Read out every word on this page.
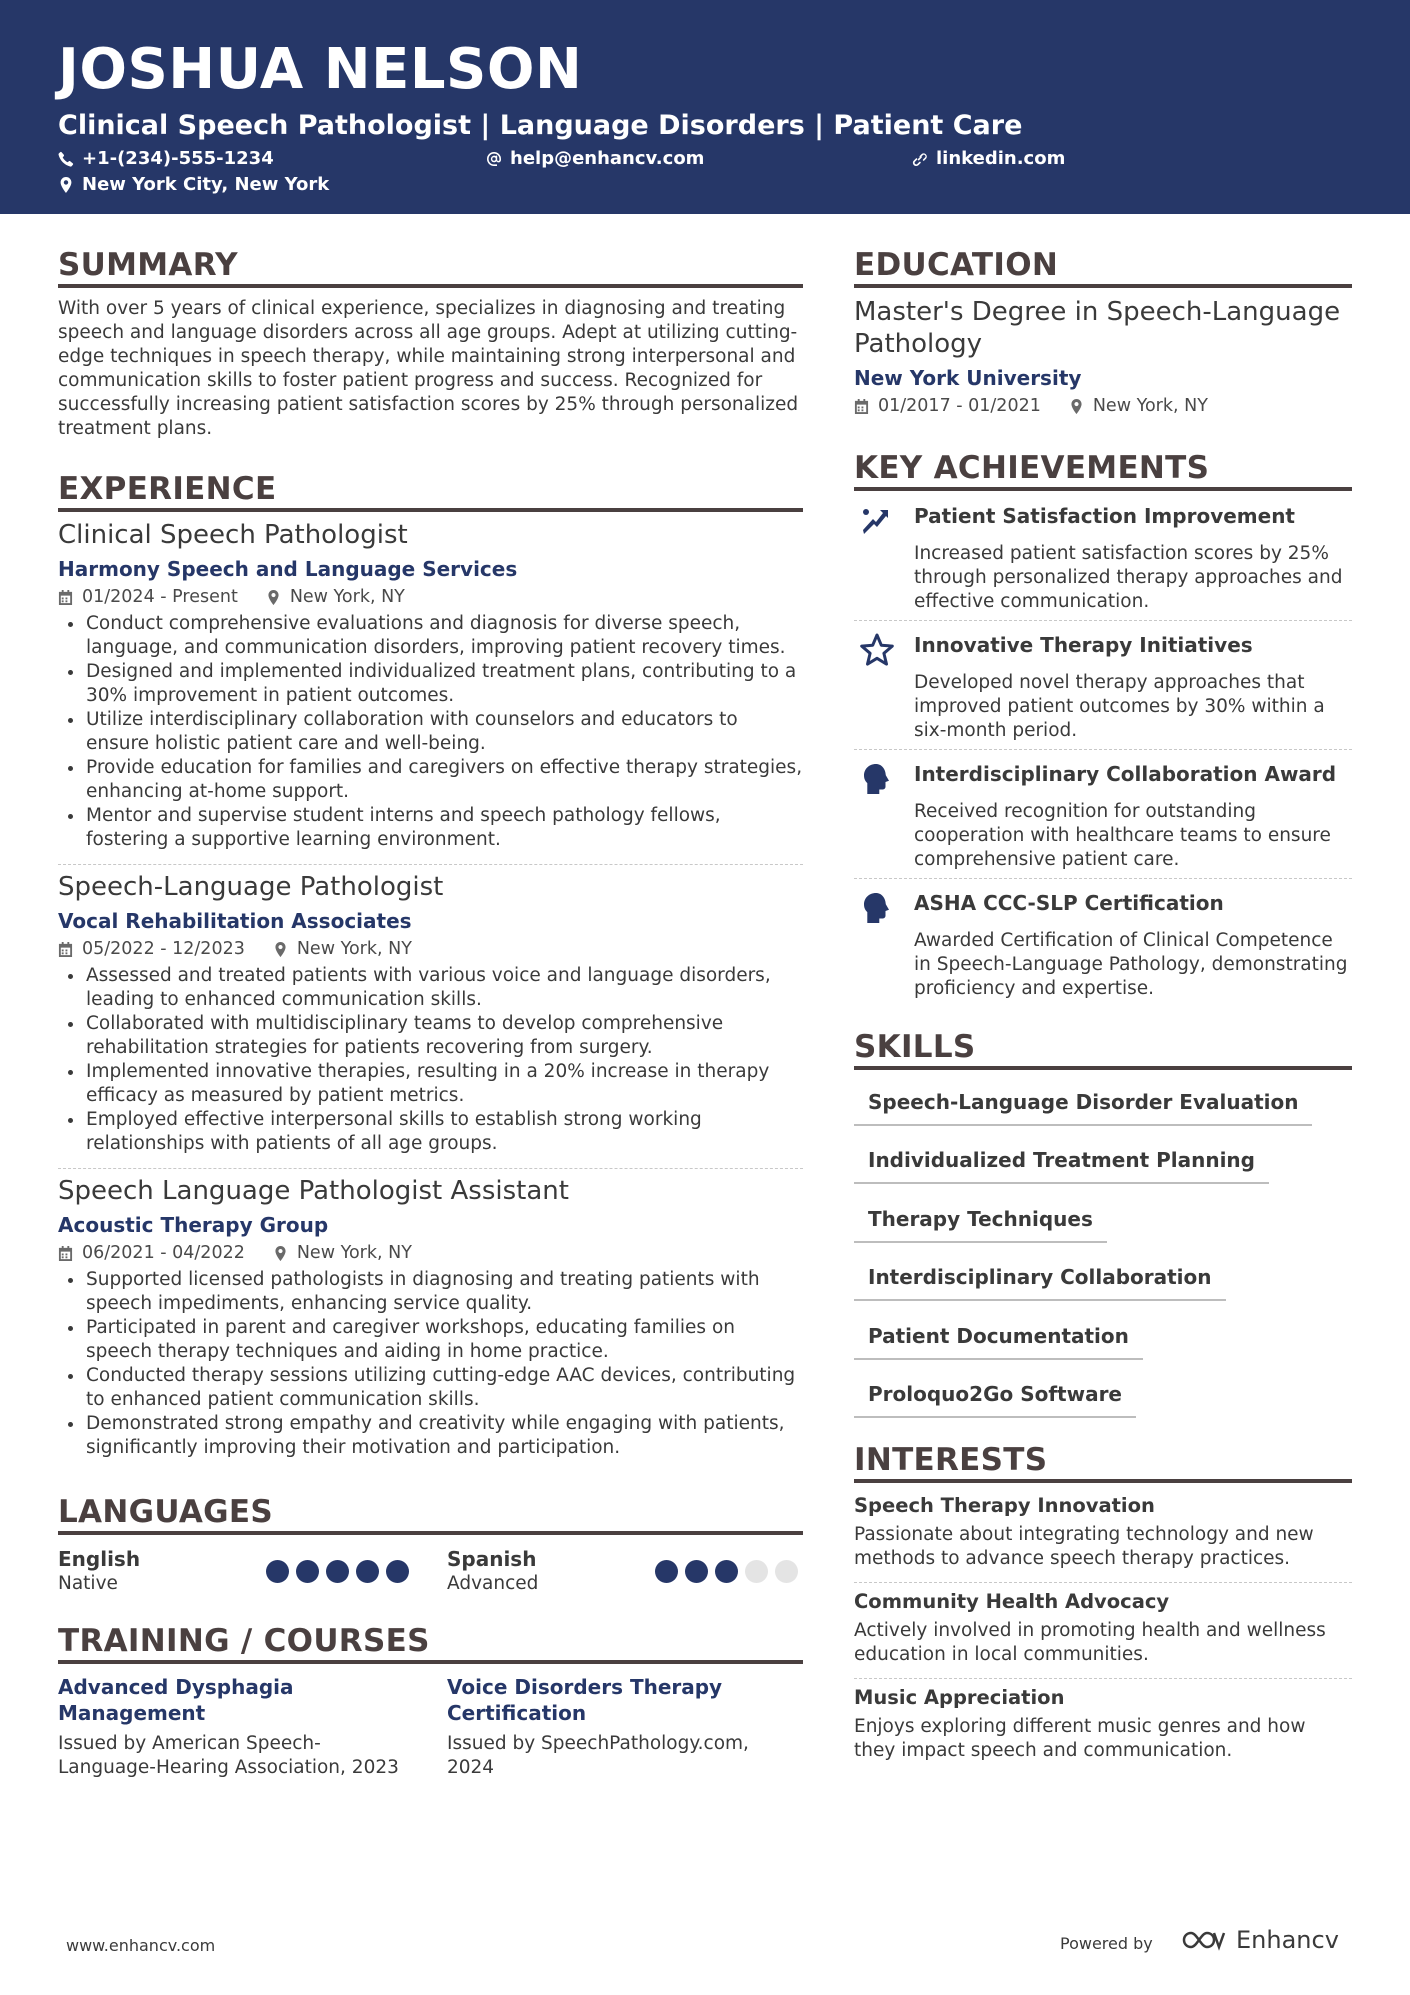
JOSHUA NELSON
Clinical Speech Pathologist | Language Disorders | Patient Care
+1-(234)-555-1234	help@enhancv.com	linkedin.com
New York City, New York
SUMMARY
With over 5 years of clinical experience, specializes in diagnosing and treating speech and language disorders across all age groups. Adept at utilizing cutting-edge techniques in speech therapy, while maintaining strong interpersonal and communication skills to foster patient progress and success. Recognized for successfully increasing patient satisfaction scores by 25% through personalized treatment plans.
EXPERIENCE
Clinical Speech Pathologist
Harmony Speech and Language Services
01/2024 - Present	New York, NY
Conduct comprehensive evaluations and diagnosis for diverse speech, language, and communication disorders, improving patient recovery times.
Designed and implemented individualized treatment plans, contributing to a 30% improvement in patient outcomes.
Utilize interdisciplinary collaboration with counselors and educators to ensure holistic patient care and well-being.
Provide education for families and caregivers on effective therapy strategies, enhancing at-home support.
Mentor and supervise student interns and speech pathology fellows, fostering a supportive learning environment.
Speech-Language Pathologist
Vocal Rehabilitation Associates
05/2022 - 12/2023	New York, NY
Assessed and treated patients with various voice and language disorders, leading to enhanced communication skills.
Collaborated with multidisciplinary teams to develop comprehensive rehabilitation strategies for patients recovering from surgery.
Implemented innovative therapies, resulting in a 20% increase in therapy efficacy as measured by patient metrics.
Employed effective interpersonal skills to establish strong working relationships with patients of all age groups.
Speech Language Pathologist Assistant
Acoustic Therapy Group
06/2021 - 04/2022	New York, NY
Supported licensed pathologists in diagnosing and treating patients with speech impediments, enhancing service quality.
Participated in parent and caregiver workshops, educating families on speech therapy techniques and aiding in home practice.
Conducted therapy sessions utilizing cutting-edge AAC devices, contributing to enhanced patient communication skills.
Demonstrated strong empathy and creativity while engaging with patients, significantly improving their motivation and participation.
LANGUAGES
English
Native
Spanish
Advanced
TRAINING / COURSES
Advanced Dysphagia Management
Issued by American Speech-Language-Hearing Association, 2023
Voice Disorders Therapy Certification
Issued by SpeechPathology.com, 2024
EDUCATION
Master's Degree in Speech-Language Pathology
New York University
01/2017 - 01/2021	New York, NY
KEY ACHIEVEMENTS
Patient Satisfaction Improvement
Increased patient satisfaction scores by 25% through personalized therapy approaches and effective communication.
Innovative Therapy Initiatives
Developed novel therapy approaches that improved patient outcomes by 30% within a six-month period.
Interdisciplinary Collaboration Award
Received recognition for outstanding cooperation with healthcare teams to ensure comprehensive patient care.
ASHA CCC-SLP Certification
Awarded Certification of Clinical Competence in Speech-Language Pathology, demonstrating proficiency and expertise.
SKILLS
Speech-Language Disorder Evaluation
Individualized Treatment Planning
Therapy Techniques
Interdisciplinary Collaboration
Patient Documentation
Proloquo2Go Software
INTERESTS
Speech Therapy Innovation
Passionate about integrating technology and new methods to advance speech therapy practices.
Community Health Advocacy
Actively involved in promoting health and wellness education in local communities.
Music Appreciation
Enjoys exploring different music genres and how they impact speech and communication.
www.enhancv.com	Powered by	Enhancv
